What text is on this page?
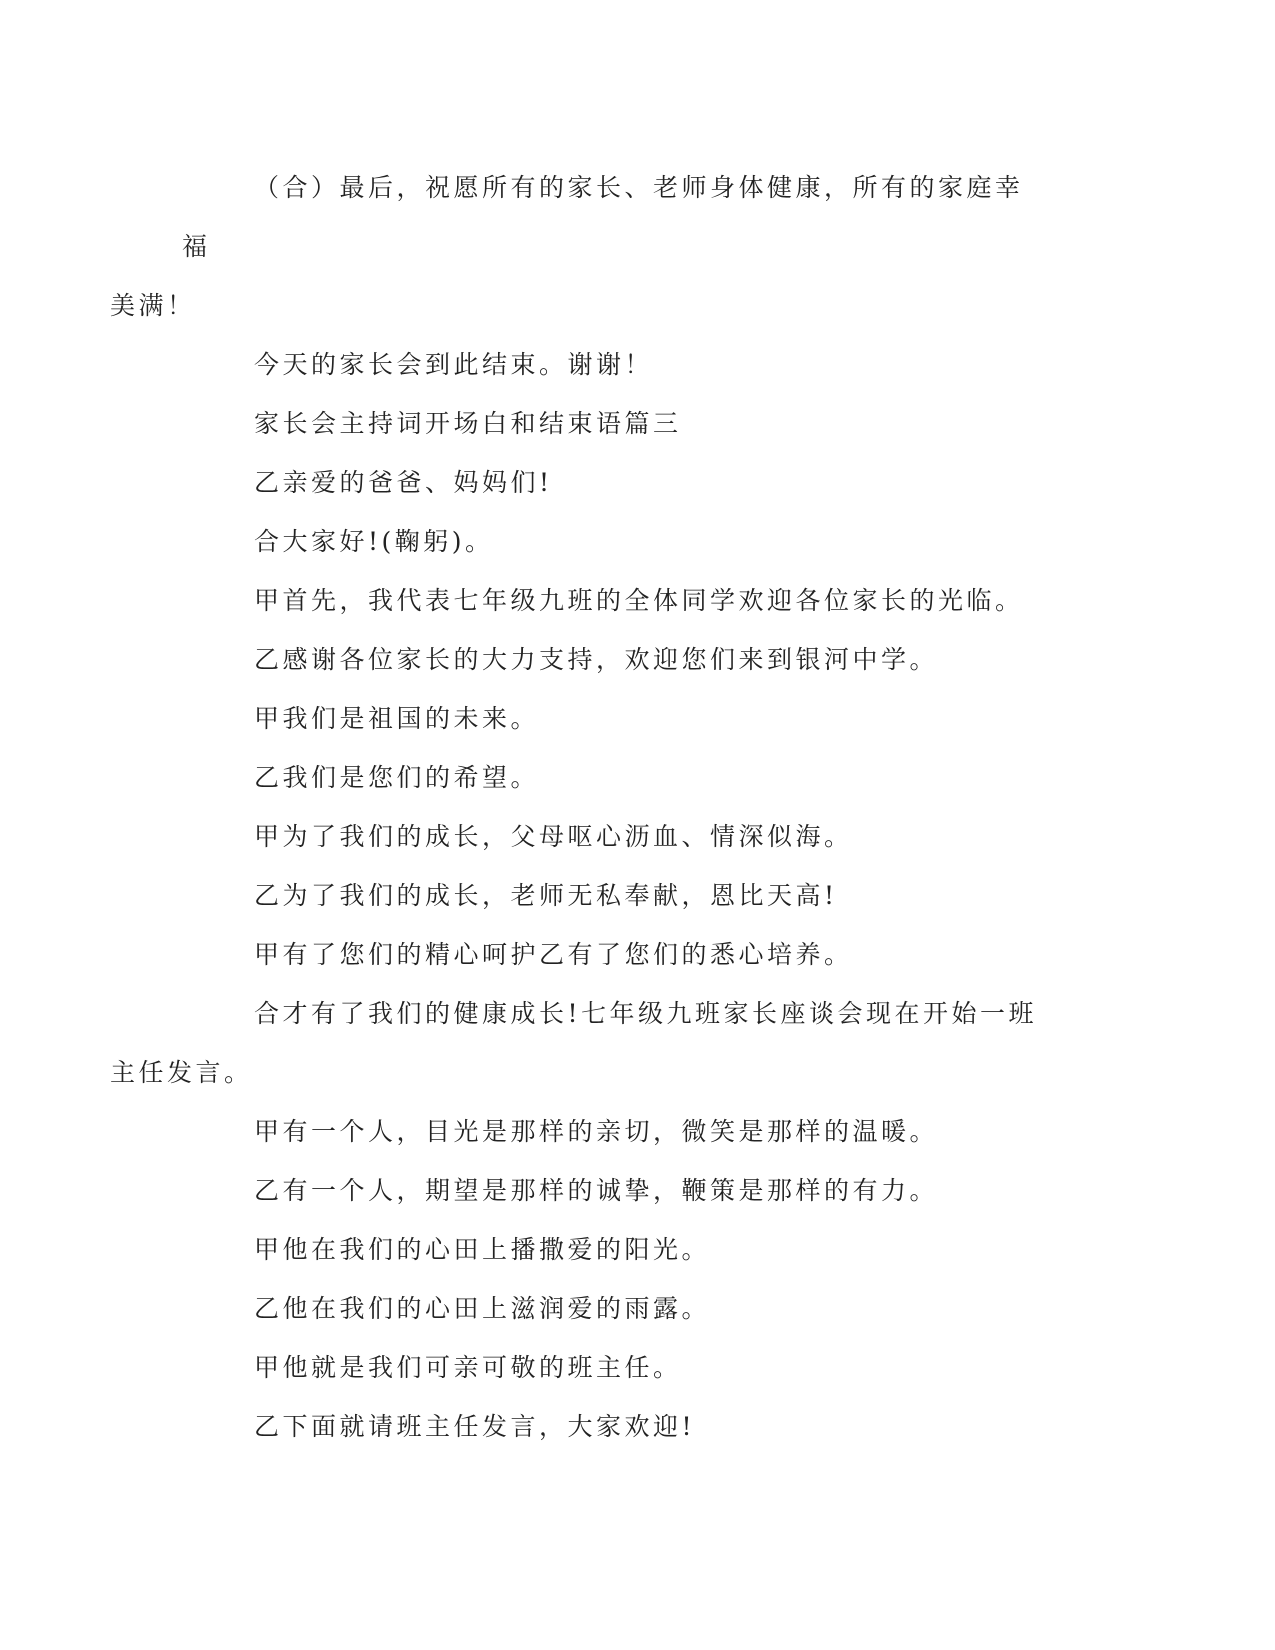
（合）最后，祝愿所有的家长、老师身体健康，所有的家庭幸福
美满！

今天的家长会到此结束。谢谢！

家长会主持词开场白和结束语篇三

乙亲爱的爸爸、妈妈们!

合大家好!(鞠躬)。

甲首先，我代表七年级九班的全体同学欢迎各位家长的光临。

乙感谢各位家长的大力支持，欢迎您们来到银河中学。

甲我们是祖国的未来。

乙我们是您们的希望。

甲为了我们的成长，父母呕心沥血、情深似海。

乙为了我们的成长，老师无私奉献，恩比天高!

甲有了您们的精心呵护乙有了您们的悉心培养。

合才有了我们的健康成长!七年级九班家长座谈会现在开始一班
主任发言。

甲有一个人，目光是那样的亲切，微笑是那样的温暖。

乙有一个人，期望是那样的诚挚，鞭策是那样的有力。

甲他在我们的心田上播撒爱的阳光。

乙他在我们的心田上滋润爱的雨露。

甲他就是我们可亲可敬的班主任。

乙下面就请班主任发言，大家欢迎!
